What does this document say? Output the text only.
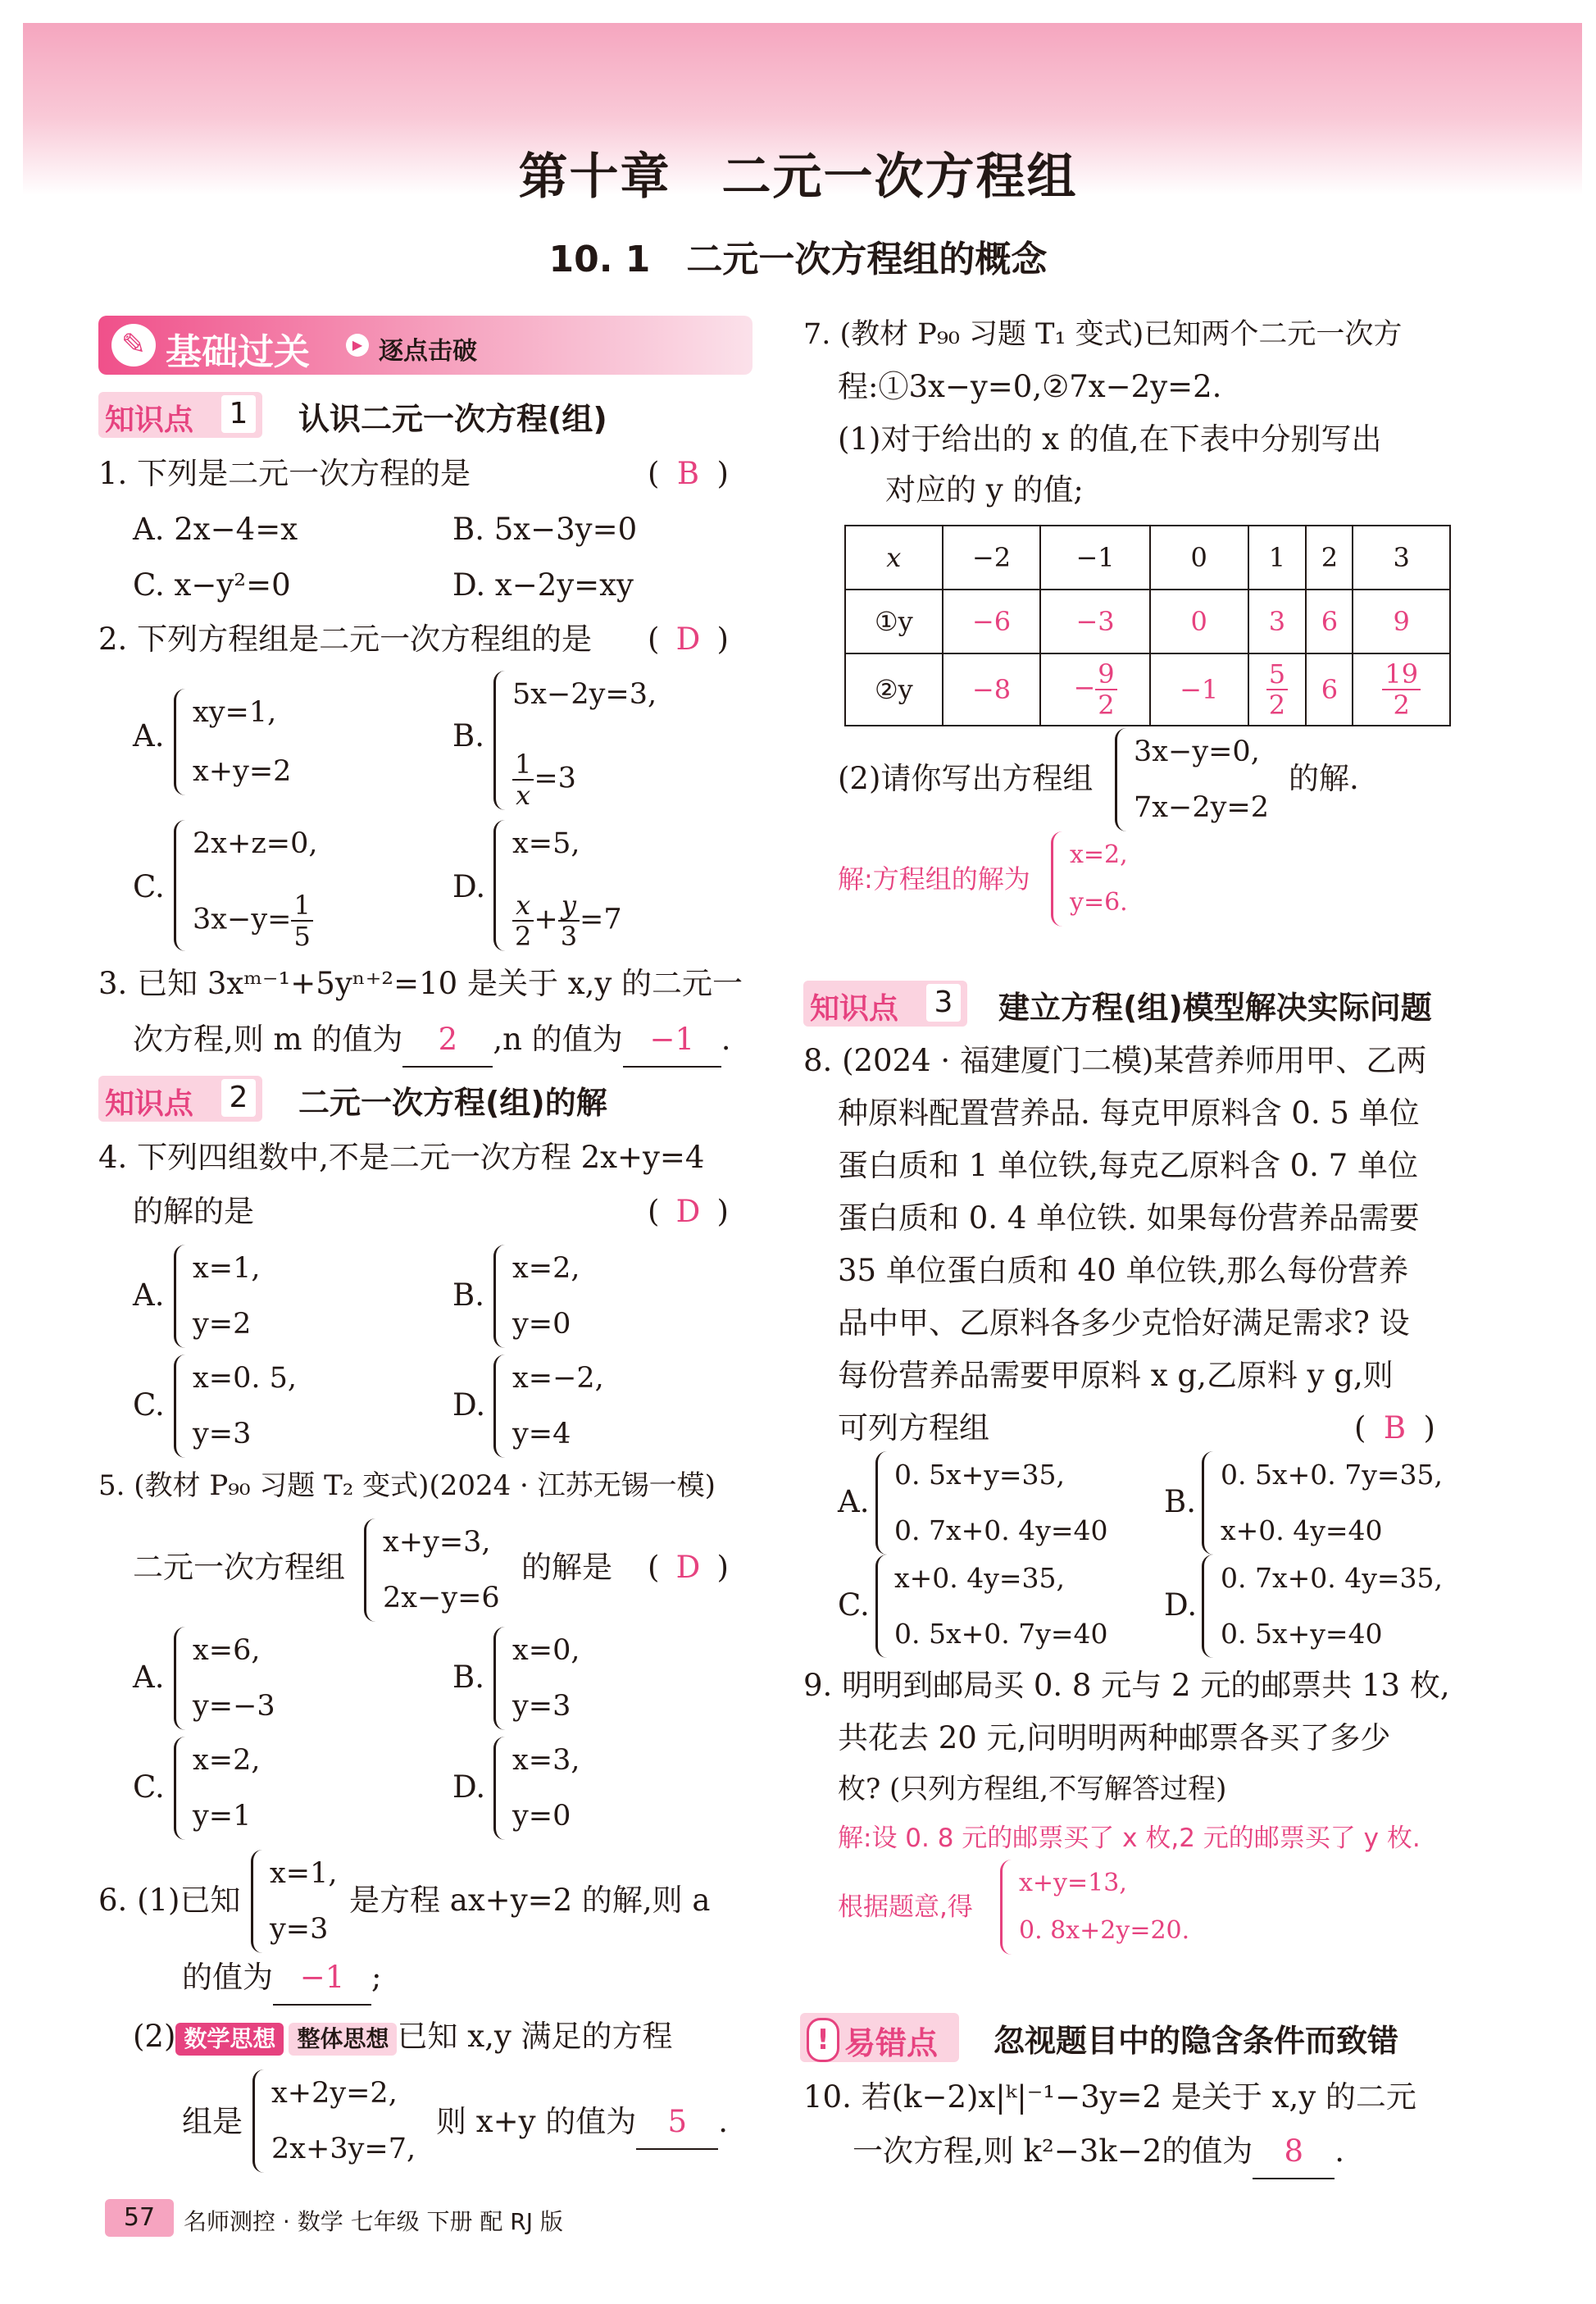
第十章　二元一次方程组
10. 1　二元一次方程组的概念
✎ 基础过关	▶ 逐点击破
知识点 1 认识二元一次方程(组)
1. 下列是二元一次方程的是	( B )
A. 2x−4=x	B. 5x−3y=0
C. x−y²=0	D. x−2y=xy
2. 下列方程组是二元一次方程组的是 ( D )
A.
xy=1,
x+y=2
B.
5x−2y=3,
$\frac{1}{x} =3$
C.
2x+z=0,
$3x-y= \frac{1}{5}$
D.
x=5,
$\frac{x}{2} + \frac{y}{3} =7$
3. 已知 3xᵐ⁻¹+5yⁿ⁺²=10 是关于 x,y 的二元一
次方程,则 m 的值为 2 ,n 的值为 −1 .
知识点 2 二元一次方程(组)的解
4. 下列四组数中,不是二元一次方程 2x+y=4
的解的是	( D )
A.
x=1,
y=2
B.
x=2,
y=0
C.
x=0. 5,
y=3
D.
x=−2,
y=4
5. (教材 P₉₀ 习题 T₂ 变式)(2024 · 江苏无锡一模)
二元一次方程组
x+y=3,
2x−y=6
的解是 ( D )
A.
x=6,
y=−3
B.
x=0,
y=3
C.
x=2,
y=1
D.
x=3,
y=0
6. (1)已知
x=1,
y=3
是方程 ax+y=2 的解,则 a
的值为 −1 ;
(2) 数学思想 整体思想 已知 x,y 满足的方程
组是
x+2y=2,
2x+3y=7,
则 x+y 的值为 5 .
7. (教材 P₉₀ 习题 T₁ 变式)已知两个二元一次方
程:①3x−y=0,②7x−2y=2.
(1)对于给出的 x 的值,在下表中分别写出
对应的 y 的值;
x	−2	−1	0	1	2	3
①y	−6	−3	0	3	6	9
②y	−8	− $\frac{9}{2}$	−1	$\frac{5}{2}$	6	$\frac{19}{2}$
(2)请你写出方程组
3x−y=0,
7x−2y=2
的解.
解:方程组的解为
x=2,
y=6.
知识点 3 建立方程(组)模型解决实际问题
8. (2024 · 福建厦门二模)某营养师用甲、乙两
种原料配置营养品. 每克甲原料含 0. 5 单位
蛋白质和 1 单位铁,每克乙原料含 0. 7 单位
蛋白质和 0. 4 单位铁. 如果每份营养品需要
35 单位蛋白质和 40 单位铁,那么每份营养
品中甲、乙原料各多少克恰好满足需求? 设
每份营养品需要甲原料 x g,乙原料 y g,则
可列方程组	( B )
A.
0. 5x+y=35,
0. 7x+0. 4y=40
B.
0. 5x+0. 7y=35,
x+0. 4y=40
C.
x+0. 4y=35,
0. 5x+0. 7y=40
D.
0. 7x+0. 4y=35,
0. 5x+y=40
9. 明明到邮局买 0. 8 元与 2 元的邮票共 13 枚,
共花去 20 元,问明明两种邮票各买了多少
枚? (只列方程组,不写解答过程)
解:设 0. 8 元的邮票买了 x 枚,2 元的邮票买了 y 枚.
根据题意,得
x+y=13,
0. 8x+2y=20.
! 易错点 忽视题目中的隐含条件而致错
10. 若(k−2)x|ᵏ|⁻¹−3y=2 是关于 x,y 的二元
一次方程,则 k²−3k−2的值为 8 .
57	名师测控 · 数学 七年级 下册 配 RJ 版
